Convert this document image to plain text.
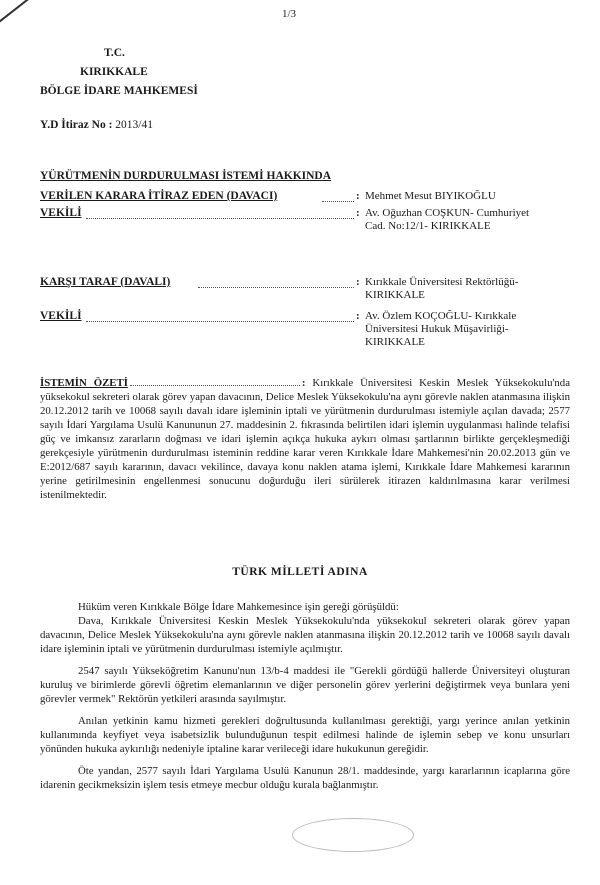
1/3
T.C.
KIRIKKALE
BÖLGE İDARE MAHKEMESİ
Y.D İtiraz No : 2013/41
YÜRÜTMENİN DURDURULMASI İSTEMİ HAKKINDA
VERİLEN KARARA İTİRAZ EDEN (DAVACI)	: Mehmet Mesut BIYIKOĞLU
VEKİLİ	: Av. Oğuzhan COŞKUN- Cumhuriyet Cad. No:12/1- KIRIKKALE
KARŞI TARAF (DAVALI)	: Kırıkkale Üniversitesi Rektörlüğü-KIRIKKALE
VEKİLİ	: Av. Özlem KOÇOĞLU- Kırıkkale Üniversitesi Hukuk Müşavirliği-KIRIKKALE
İSTEMİN ÖZETİ	: Kırıkkale Üniversitesi Keskin Meslek Yüksekokulu'nda yüksekokul sekreteri olarak görev yapan davacının, Delice Meslek Yüksekokulu'na aynı görevle naklen atanmasına ilişkin 20.12.2012 tarih ve 10068 sayılı davalı idare işleminin iptali ve yürütmenin durdurulması istemiyle açılan davada; 2577 sayılı İdari Yargılama Usulü Kanununun 27. maddesinin 2. fıkrasında belirtilen idari işlemin uygulanması halinde telafisi güç ve imkansız zararların doğması ve idari işlemin açıkça hukuka aykırı olması şartlarının birlikte gerçekleşmediği gerekçesiyle yürütmenin durdurulması isteminin reddine karar veren Kırıkkale İdare Mahkemesi'nin 20.02.2013 gün ve E:2012/687 sayılı kararının, davacı vekilince, davaya konu naklen atama işlemi, Kırıkkale İdare Mahkemesi kararının yerine getirilmesinin engellenmesi sonucunu doğurduğu ileri sürülerek itirazen kaldırılmasına karar verilmesi istenilmektedir.
TÜRK MİLLETİ ADINA

Hüküm veren Kırıkkale Bölge İdare Mahkemesince işin gereği görüşüldü:

Dava, Kırıkkale Üniversitesi Keskin Meslek Yüksekokulu'nda yüksekokul sekreteri olarak görev yapan davacının, Delice Meslek Yüksekokulu'na aynı görevle naklen atanmasına ilişkin 20.12.2012 tarih ve 10068 sayılı davalı idare işleminin iptali ve yürütmenin durdurulması istemiyle açılmıştır.

2547 sayılı Yükseköğretim Kanunu'nun 13/b-4 maddesi ile "Gerekli gördüğü hallerde Üniversiteyi oluşturan kuruluş ve birimlerde görevli öğretim elemanlarının ve diğer personelin görev yerlerini değiştirmek veya bunlara yeni görevler vermek" Rektörün yetkileri arasında sayılmıştır.

Anılan yetkinin kamu hizmeti gerekleri doğrultusunda kullanılması gerektiği, yargı yerince anılan yetkinin kullanımında keyfiyet veya isabetsizlik bulunduğunun tespit edilmesi halinde de işlemin sebep ve konu unsurları yönünden hukuka aykırılığı nedeniyle iptaline karar verileceği idare hukukunun gereğidir.

Öte yandan, 2577 sayılı İdari Yargılama Usulü Kanunun 28/1. maddesinde, yargı kararlarının icaplarına göre idarenin gecikmeksizin işlem tesis etmeye mecbur olduğu kurala bağlanmıştır.
